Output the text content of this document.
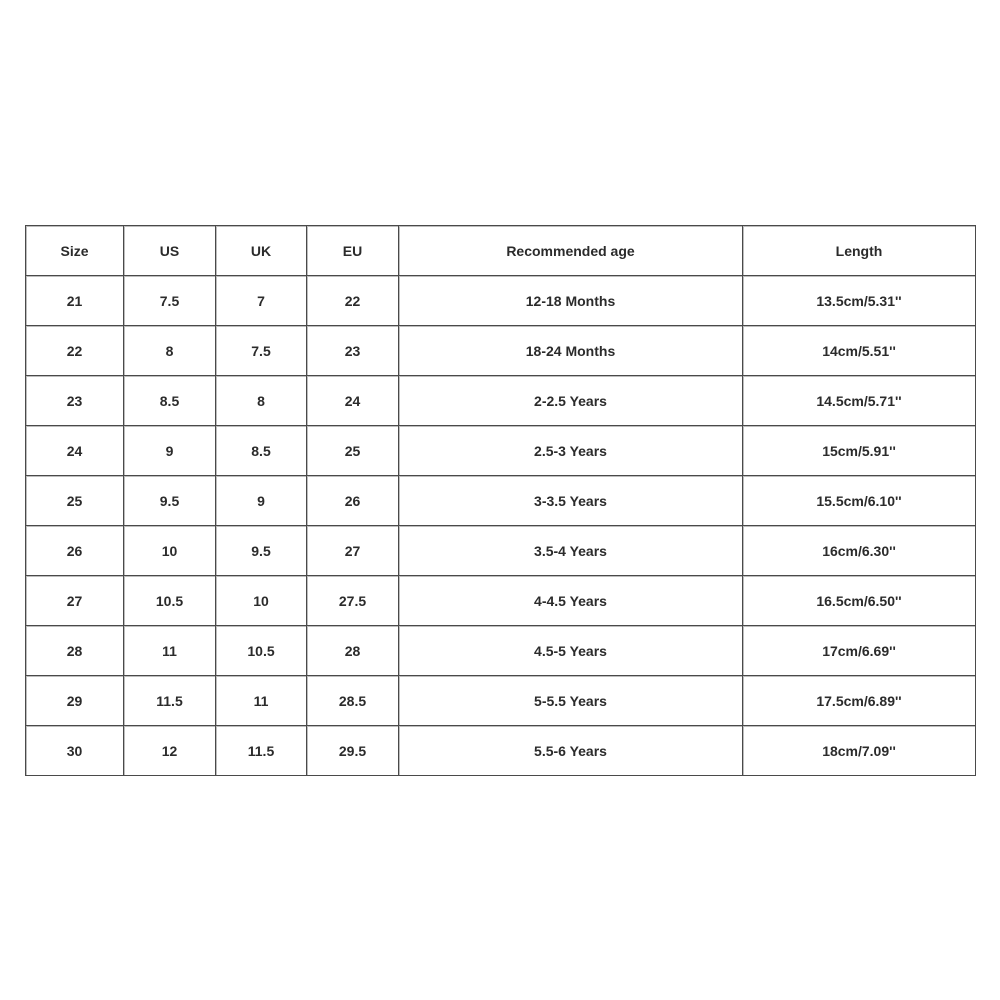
Size	US	UK	EU	Recommended age	Length
21	7.5	7	22	12-18 Months	13.5cm/5.31''
22	8	7.5	23	18-24 Months	14cm/5.51''
23	8.5	8	24	2-2.5 Years	14.5cm/5.71''
24	9	8.5	25	2.5-3 Years	15cm/5.91''
25	9.5	9	26	3-3.5 Years	15.5cm/6.10''
26	10	9.5	27	3.5-4 Years	16cm/6.30''
27	10.5	10	27.5	4-4.5 Years	16.5cm/6.50''
28	11	10.5	28	4.5-5 Years	17cm/6.69''
29	11.5	11	28.5	5-5.5 Years	17.5cm/6.89''
30	12	11.5	29.5	5.5-6 Years	18cm/7.09''
